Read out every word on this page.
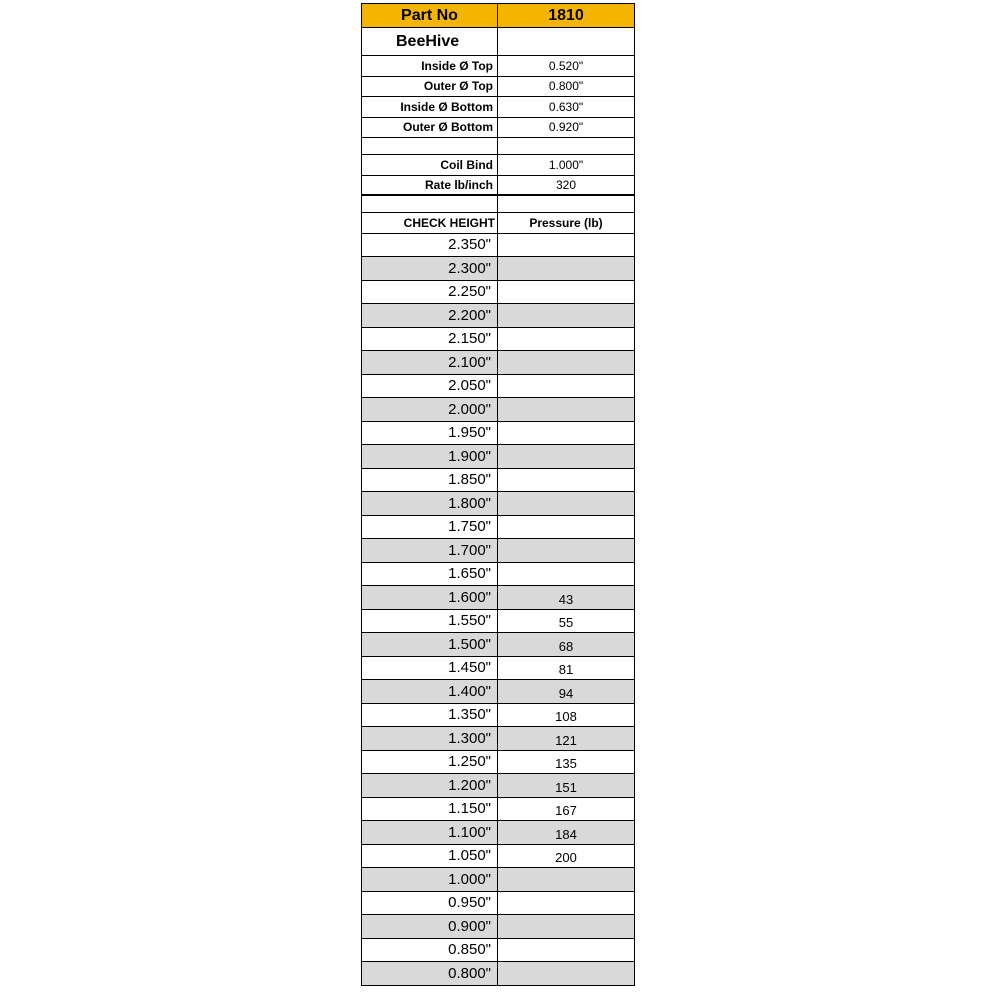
Part No	1810
BeeHive
Inside Ø Top	0.520"
Outer Ø Top	0.800"
Inside Ø Bottom	0.630"
Outer Ø Bottom	0.920"
Coil Bind	1.000"
Rate lb/inch	320
CHECK HEIGHT	Pressure (lb)
2.350"
2.300"
2.250"
2.200"
2.150"
2.100"
2.050"
2.000"
1.950"
1.900"
1.850"
1.800"
1.750"
1.700"
1.650"
1.600"	43
1.550"	55
1.500"	68
1.450"	81
1.400"	94
1.350"	108
1.300"	121
1.250"	135
1.200"	151
1.150"	167
1.100"	184
1.050"	200
1.000"
0.950"
0.900"
0.850"
0.800"
